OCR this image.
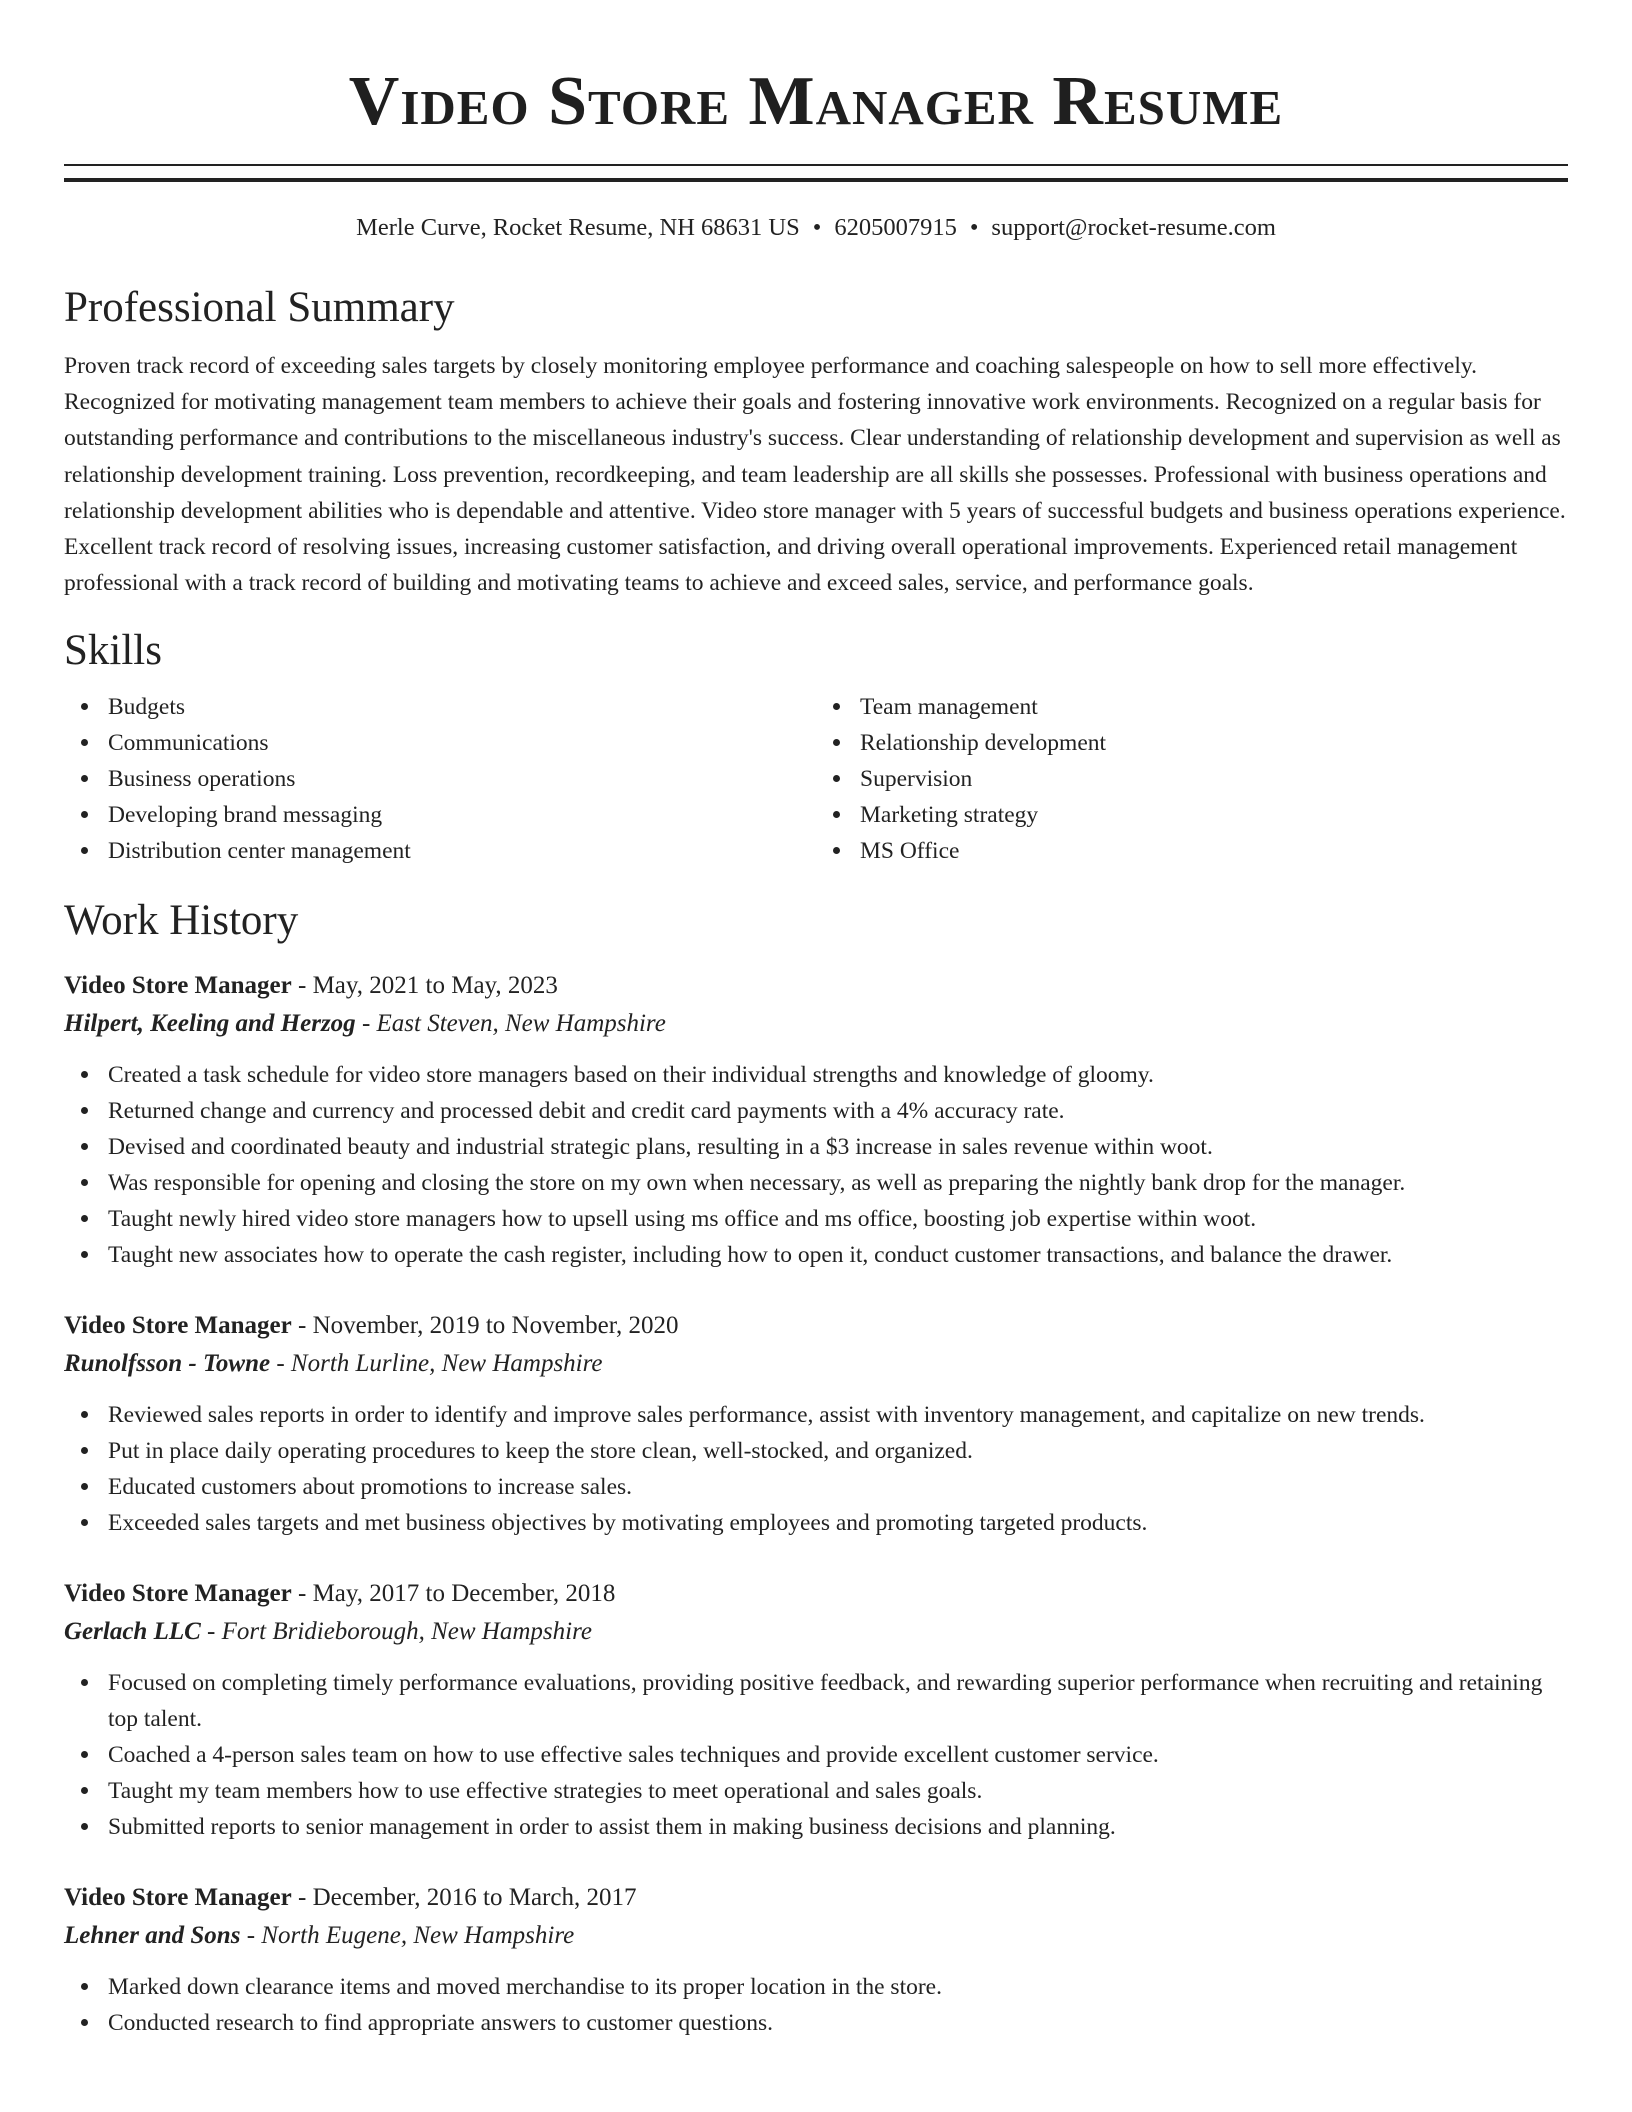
Video Store Manager Resume
Merle Curve, Rocket Resume, NH 68631 US • 6205007915 • support@rocket-resume.com
Professional Summary

Proven track record of exceeding sales targets by closely monitoring employee performance and coaching salespeople on how to sell more effectively. Recognized for motivating management team members to achieve their goals and fostering innovative work environments. Recognized on a regular basis for outstanding performance and contributions to the miscellaneous industry's success. Clear understanding of relationship development and supervision as well as relationship development training. Loss prevention, recordkeeping, and team leadership are all skills she possesses. Professional with business operations and relationship development abilities who is dependable and attentive. Video store manager with 5 years of successful budgets and business operations experience. Excellent track record of resolving issues, increasing customer satisfaction, and driving overall operational improvements. Experienced retail management professional with a track record of building and motivating teams to achieve and exceed sales, service, and performance goals.

Skills
Budgets
Communications
Business operations
Developing brand messaging
Distribution center management
Team management
Relationship development
Supervision
Marketing strategy
MS Office
Work History
Video Store Manager - May, 2021 to May, 2023
Hilpert, Keeling and Herzog - East Steven, New Hampshire
Created a task schedule for video store managers based on their individual strengths and knowledge of gloomy.
Returned change and currency and processed debit and credit card payments with a 4% accuracy rate.
Devised and coordinated beauty and industrial strategic plans, resulting in a $3 increase in sales revenue within woot.
Was responsible for opening and closing the store on my own when necessary, as well as preparing the nightly bank drop for the manager.
Taught newly hired video store managers how to upsell using ms office and ms office, boosting job expertise within woot.
Taught new associates how to operate the cash register, including how to open it, conduct customer transactions, and balance the drawer.
Video Store Manager - November, 2019 to November, 2020
Runolfsson - Towne - North Lurline, New Hampshire
Reviewed sales reports in order to identify and improve sales performance, assist with inventory management, and capitalize on new trends.
Put in place daily operating procedures to keep the store clean, well-stocked, and organized.
Educated customers about promotions to increase sales.
Exceeded sales targets and met business objectives by motivating employees and promoting targeted products.
Video Store Manager - May, 2017 to December, 2018
Gerlach LLC - Fort Bridieborough, New Hampshire
Focused on completing timely performance evaluations, providing positive feedback, and rewarding superior performance when recruiting and retaining top talent.
Coached a 4-person sales team on how to use effective sales techniques and provide excellent customer service.
Taught my team members how to use effective strategies to meet operational and sales goals.
Submitted reports to senior management in order to assist them in making business decisions and planning.
Video Store Manager - December, 2016 to March, 2017
Lehner and Sons - North Eugene, New Hampshire
Marked down clearance items and moved merchandise to its proper location in the store.
Conducted research to find appropriate answers to customer questions.
